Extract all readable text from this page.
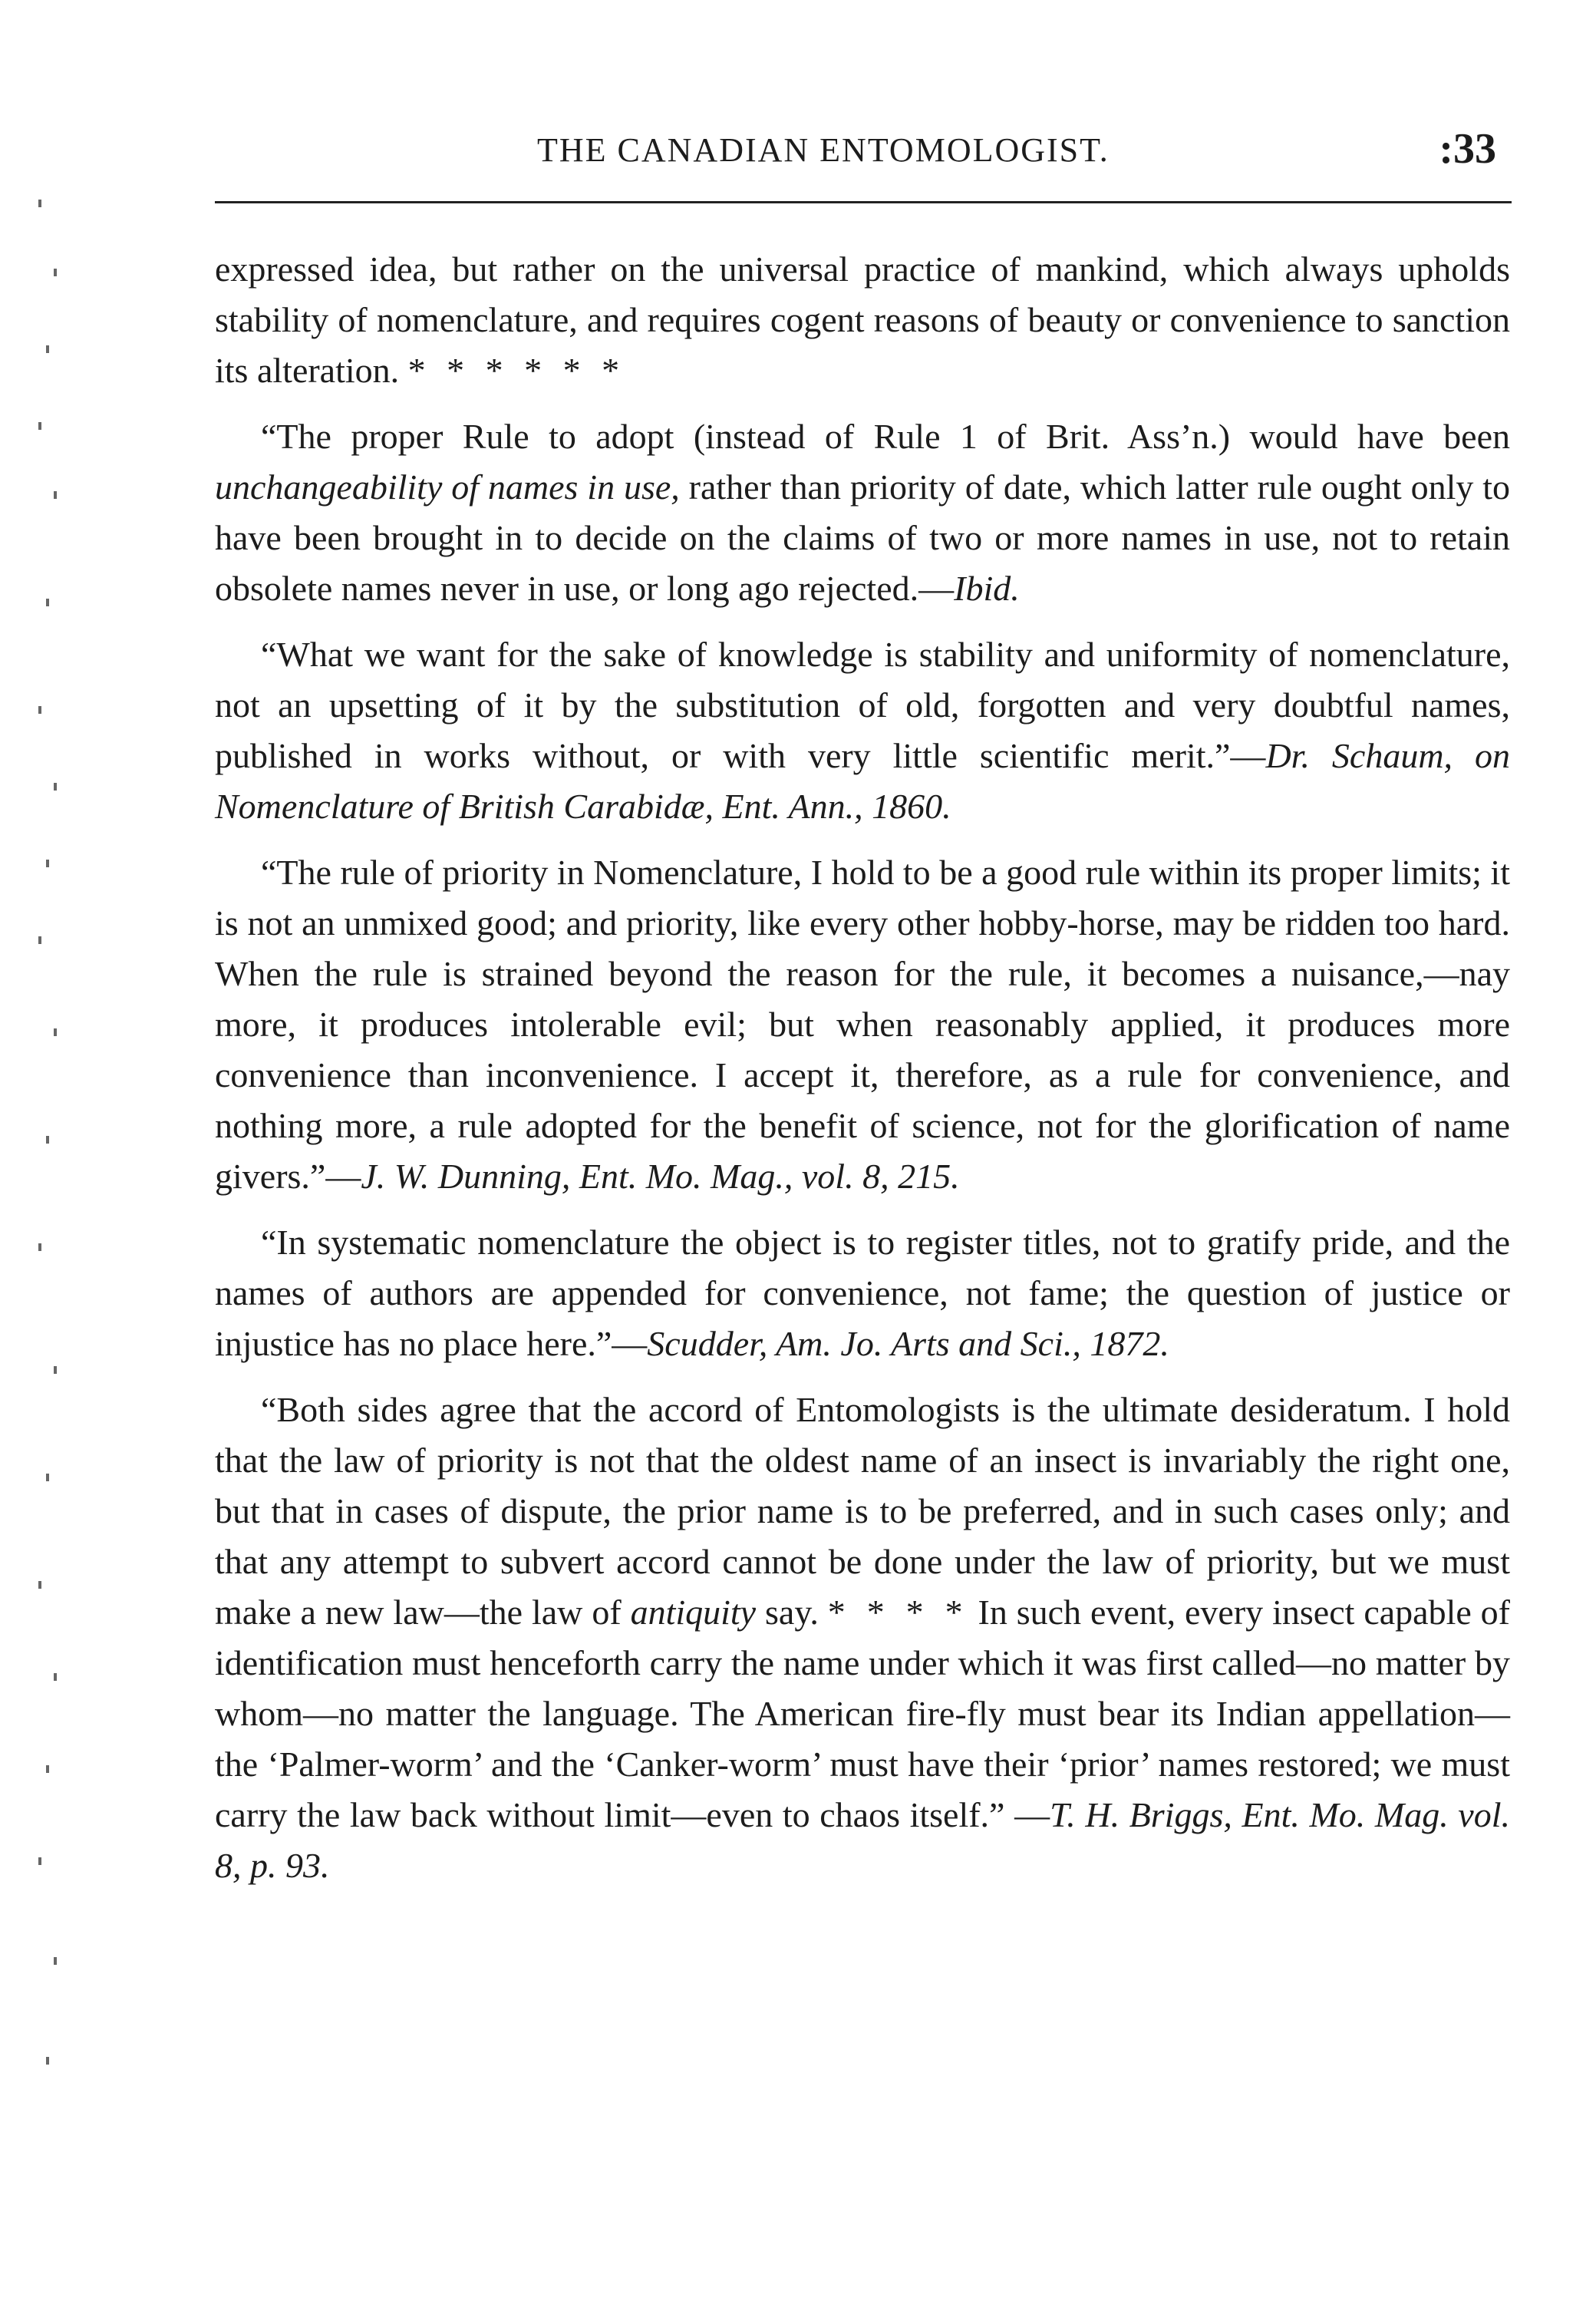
THE CANADIAN ENTOMOLOGIST.	:33

expressed idea, but rather on the universal practice of mankind, which always upholds stability of nomenclature, and requires cogent reasons of beauty or convenience to sanction its alteration. * * * * * *

“The proper Rule to adopt (instead of Rule 1 of Brit. Ass’n.) would have been unchangeability of names in use, rather than priority of date, which latter rule ought only to have been brought in to decide on the claims of two or more names in use, not to retain obsolete names never in use, or long ago rejected.—Ibid.

“What we want for the sake of knowledge is stability and uniformity of nomenclature, not an upsetting of it by the substitution of old, forgotten and very doubtful names, published in works without, or with very little scientific merit.”—Dr. Schaum, on Nomenclature of British Carabidæ, Ent. Ann., 1860.

“The rule of priority in Nomenclature, I hold to be a good rule within its proper limits; it is not an unmixed good; and priority, like every other hobby-horse, may be ridden too hard. When the rule is strained beyond the reason for the rule, it becomes a nuisance,—nay more, it produces intolerable evil; but when reasonably applied, it produces more convenience than inconvenience. I accept it, therefore, as a rule for convenience, and nothing more, a rule adopted for the benefit of science, not for the glorification of name givers.”—J. W. Dunning, Ent. Mo. Mag., vol. 8, 215.

“In systematic nomenclature the object is to register titles, not to gratify pride, and the names of authors are appended for convenience, not fame; the question of justice or injustice has no place here.”—Scudder, Am. Jo. Arts and Sci., 1872.

“Both sides agree that the accord of Entomologists is the ultimate desideratum. I hold that the law of priority is not that the oldest name of an insect is invariably the right one, but that in cases of dispute, the prior name is to be preferred, and in such cases only; and that any attempt to subvert accord cannot be done under the law of priority, but we must make a new law—the law of antiquity say. * * * * In such event, every insect capable of identification must henceforth carry the name under which it was first called—no matter by whom—no matter the language. The American fire-fly must bear its Indian appellation—the ‘Palmer-worm’ and the ‘Canker-worm’ must have their ‘prior’ names restored; we must carry the law back without limit—even to chaos itself.” —T. H. Briggs, Ent. Mo. Mag. vol. 8, p. 93.
